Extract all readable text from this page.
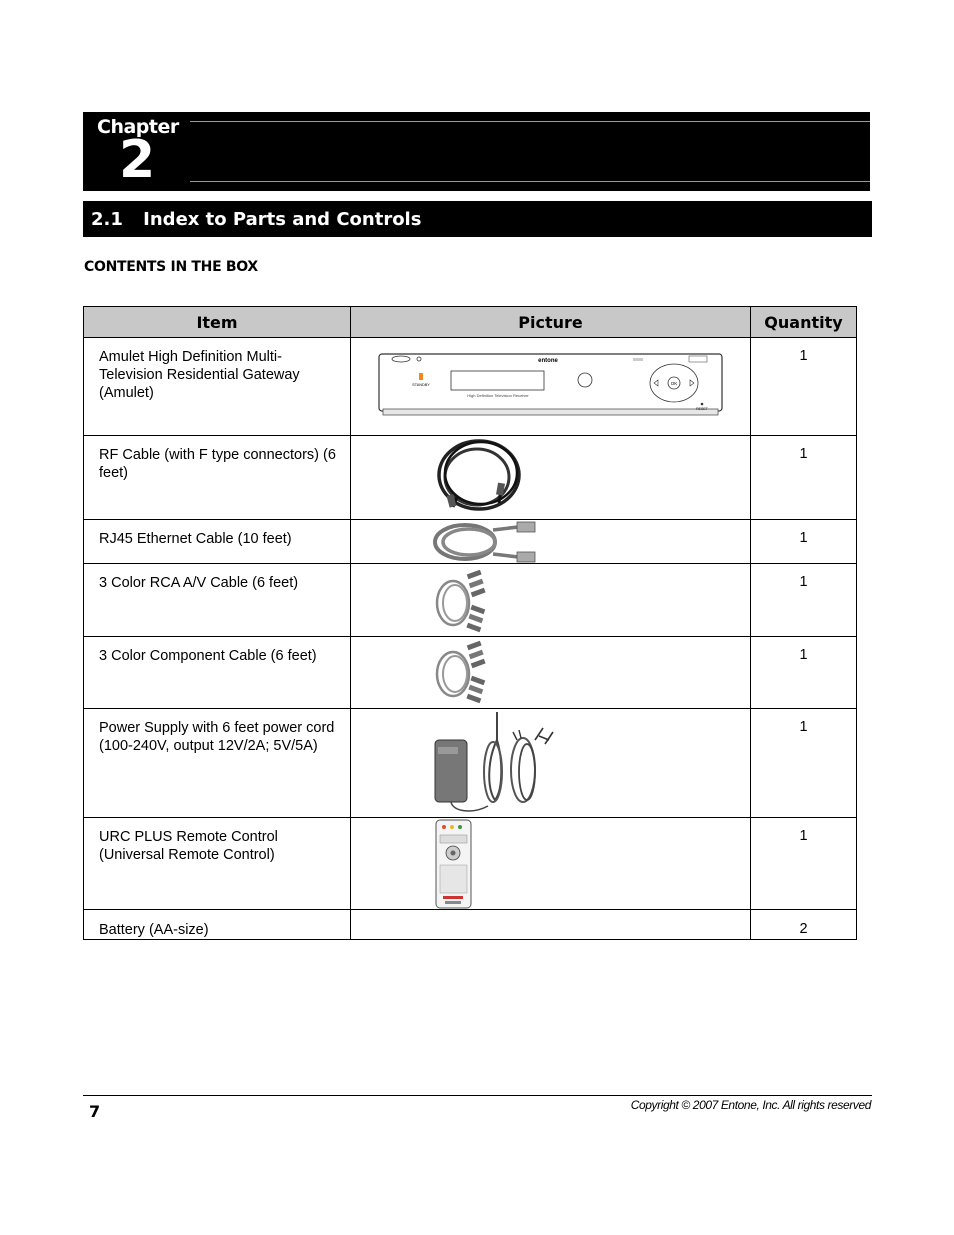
Chapter
2
2.1 Index to Parts and Controls
CONTENTS IN THE BOX
Item	Picture	Quantity
Amulet High Definition Multi-Television Residential Gateway (Amulet)	entone
STANDBY OK
High Definition Television Receiver
RESET	1
RF Cable (with F type connectors) (6 feet)		1
RJ45 Ethernet Cable (10 feet)		1
3 Color RCA A/V Cable (6 feet)		1
3 Color Component Cable (6 feet)		1
Power Supply with 6 feet power cord (100-240V, output 12V/2A; 5V/5A)		1
URC PLUS Remote Control (Universal Remote Control)		1
Battery (AA-size)		2
7	Copyright © 2007 Entone, Inc. All rights reserved
